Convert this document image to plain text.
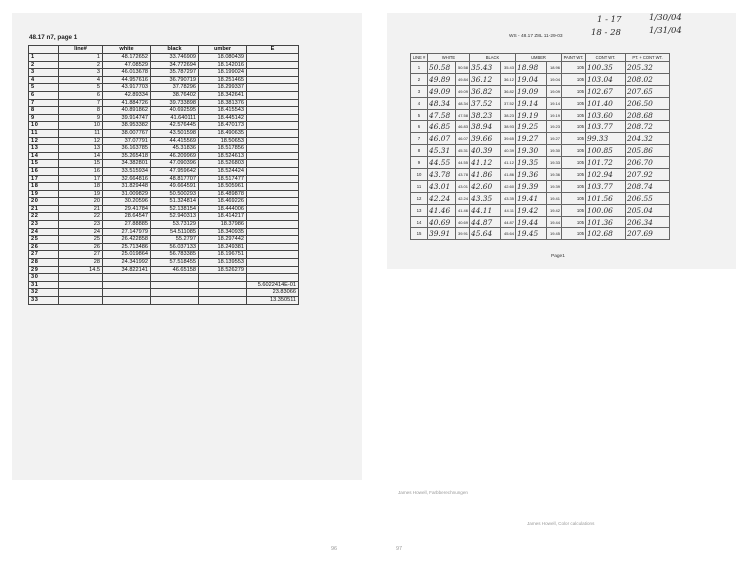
48.17 n7, page 1
	line#	white	black	umber	E
1	1	48.172652	33.746909	18.080439	
2	2	47.08529	34.772694	18.142016	
3	3	46.013678	35.787297	18.199024	
4	4	44.957616	36.790719	18.251465	
5	5	43.917703	37.78296	18.299337	
6	6	42.89334	38.76402	18.342641	
7	7	41.884726	39.733898	18.381376	
8	8	40.891862	40.692595	18.415543	
9	9	39.914747	41.640111	18.445142	
10	10	38.953382	42.576445	18.470173	
11	11	38.007767	43.501598	18.490635	
12	12	37.07791	44.415569	18.50653	
13	13	36.163785	45.31836	18.517856	
14	14	35.265418	46.209969	18.524613	
15	15	34.382801	47.090396	18.526803	
16	16	33.515934	47.959642	18.524424	
17	17	32.664816	48.817707	18.517477	
18	18	31.829448	49.664591	18.505961	
19	19	31.009829	50.500293	18.489878	
20	20	30.20596	51.324814	18.469226	
21	21	29.41784	52.138154	18.444006	
22	22	28.64547	52.940313	18.414217	
23	23	27.88885	53.73129	18.37986	
24	24	27.147979	54.511085	18.340935	
25	25	26.422858	55.2797	18.297442	
26	26	25.713486	56.037133	18.249381	
27	27	25.019864	56.783385	18.196751	
28	28	24.341992	57.518455	18.139553	
29	14.5	34.822141	46.65158	18.526279	
30					
31					5.6022414E-01
32					23.83066
33					13.350511
WS - 48.17 Z8L 11-29-03
1 - 17	1/30/04
18 - 28	1/31/04
LINE #	WHITE		BLACK		UMBER		PAINT WT.	CONT WT.	PT. + CONT WT.
1	50.58	50.58	35.43	35.43	18.98	18.96	105	100.35	205.32
2	49.89	49.84	36.12	36.12	19.04	19.04	105	103.04	208.02
3	49.09	49.09	36.82	36.82	19.09	19.09	105	102.67	207.65
4	48.34	48.34	37.52	37.52	19.14	19.14	105	101.40	206.50
5	47.58	47.58	38.23	38.23	19.19	19.19	105	103.60	208.68
6	46.85	46.83	38.94	38.93	19.25	19.23	105	103.77	208.72
7	46.07	46.07	39.66	39.65	19.27	19.27	105	99.33	204.32
8	45.31	45.31	40.39	40.39	19.30	19.30	105	100.85	205.86
9	44.55	44.55	41.12	41.12	19.35	19.33	105	101.72	206.70
10	43.78	43.78	41.86	41.86	19.36	19.36	105	102.94	207.92
11	43.01	43.01	42.60	42.60	19.39	19.39	105	103.77	208.74
12	42.24	42.24	43.35	43.35	19.41	19.41	105	101.56	206.55
13	41.46	41.46	44.11	44.11	19.42	19.42	105	100.06	205.04
14	40.69	40.69	44.87	44.87	19.44	19.44	105	101.36	206.34
15	39.91	39.91	45.64	45.64	19.45	19.45	105	102.68	207.69
Page1
James Howell, Farbberechnungen
James Howell, Color calculations
96	97
